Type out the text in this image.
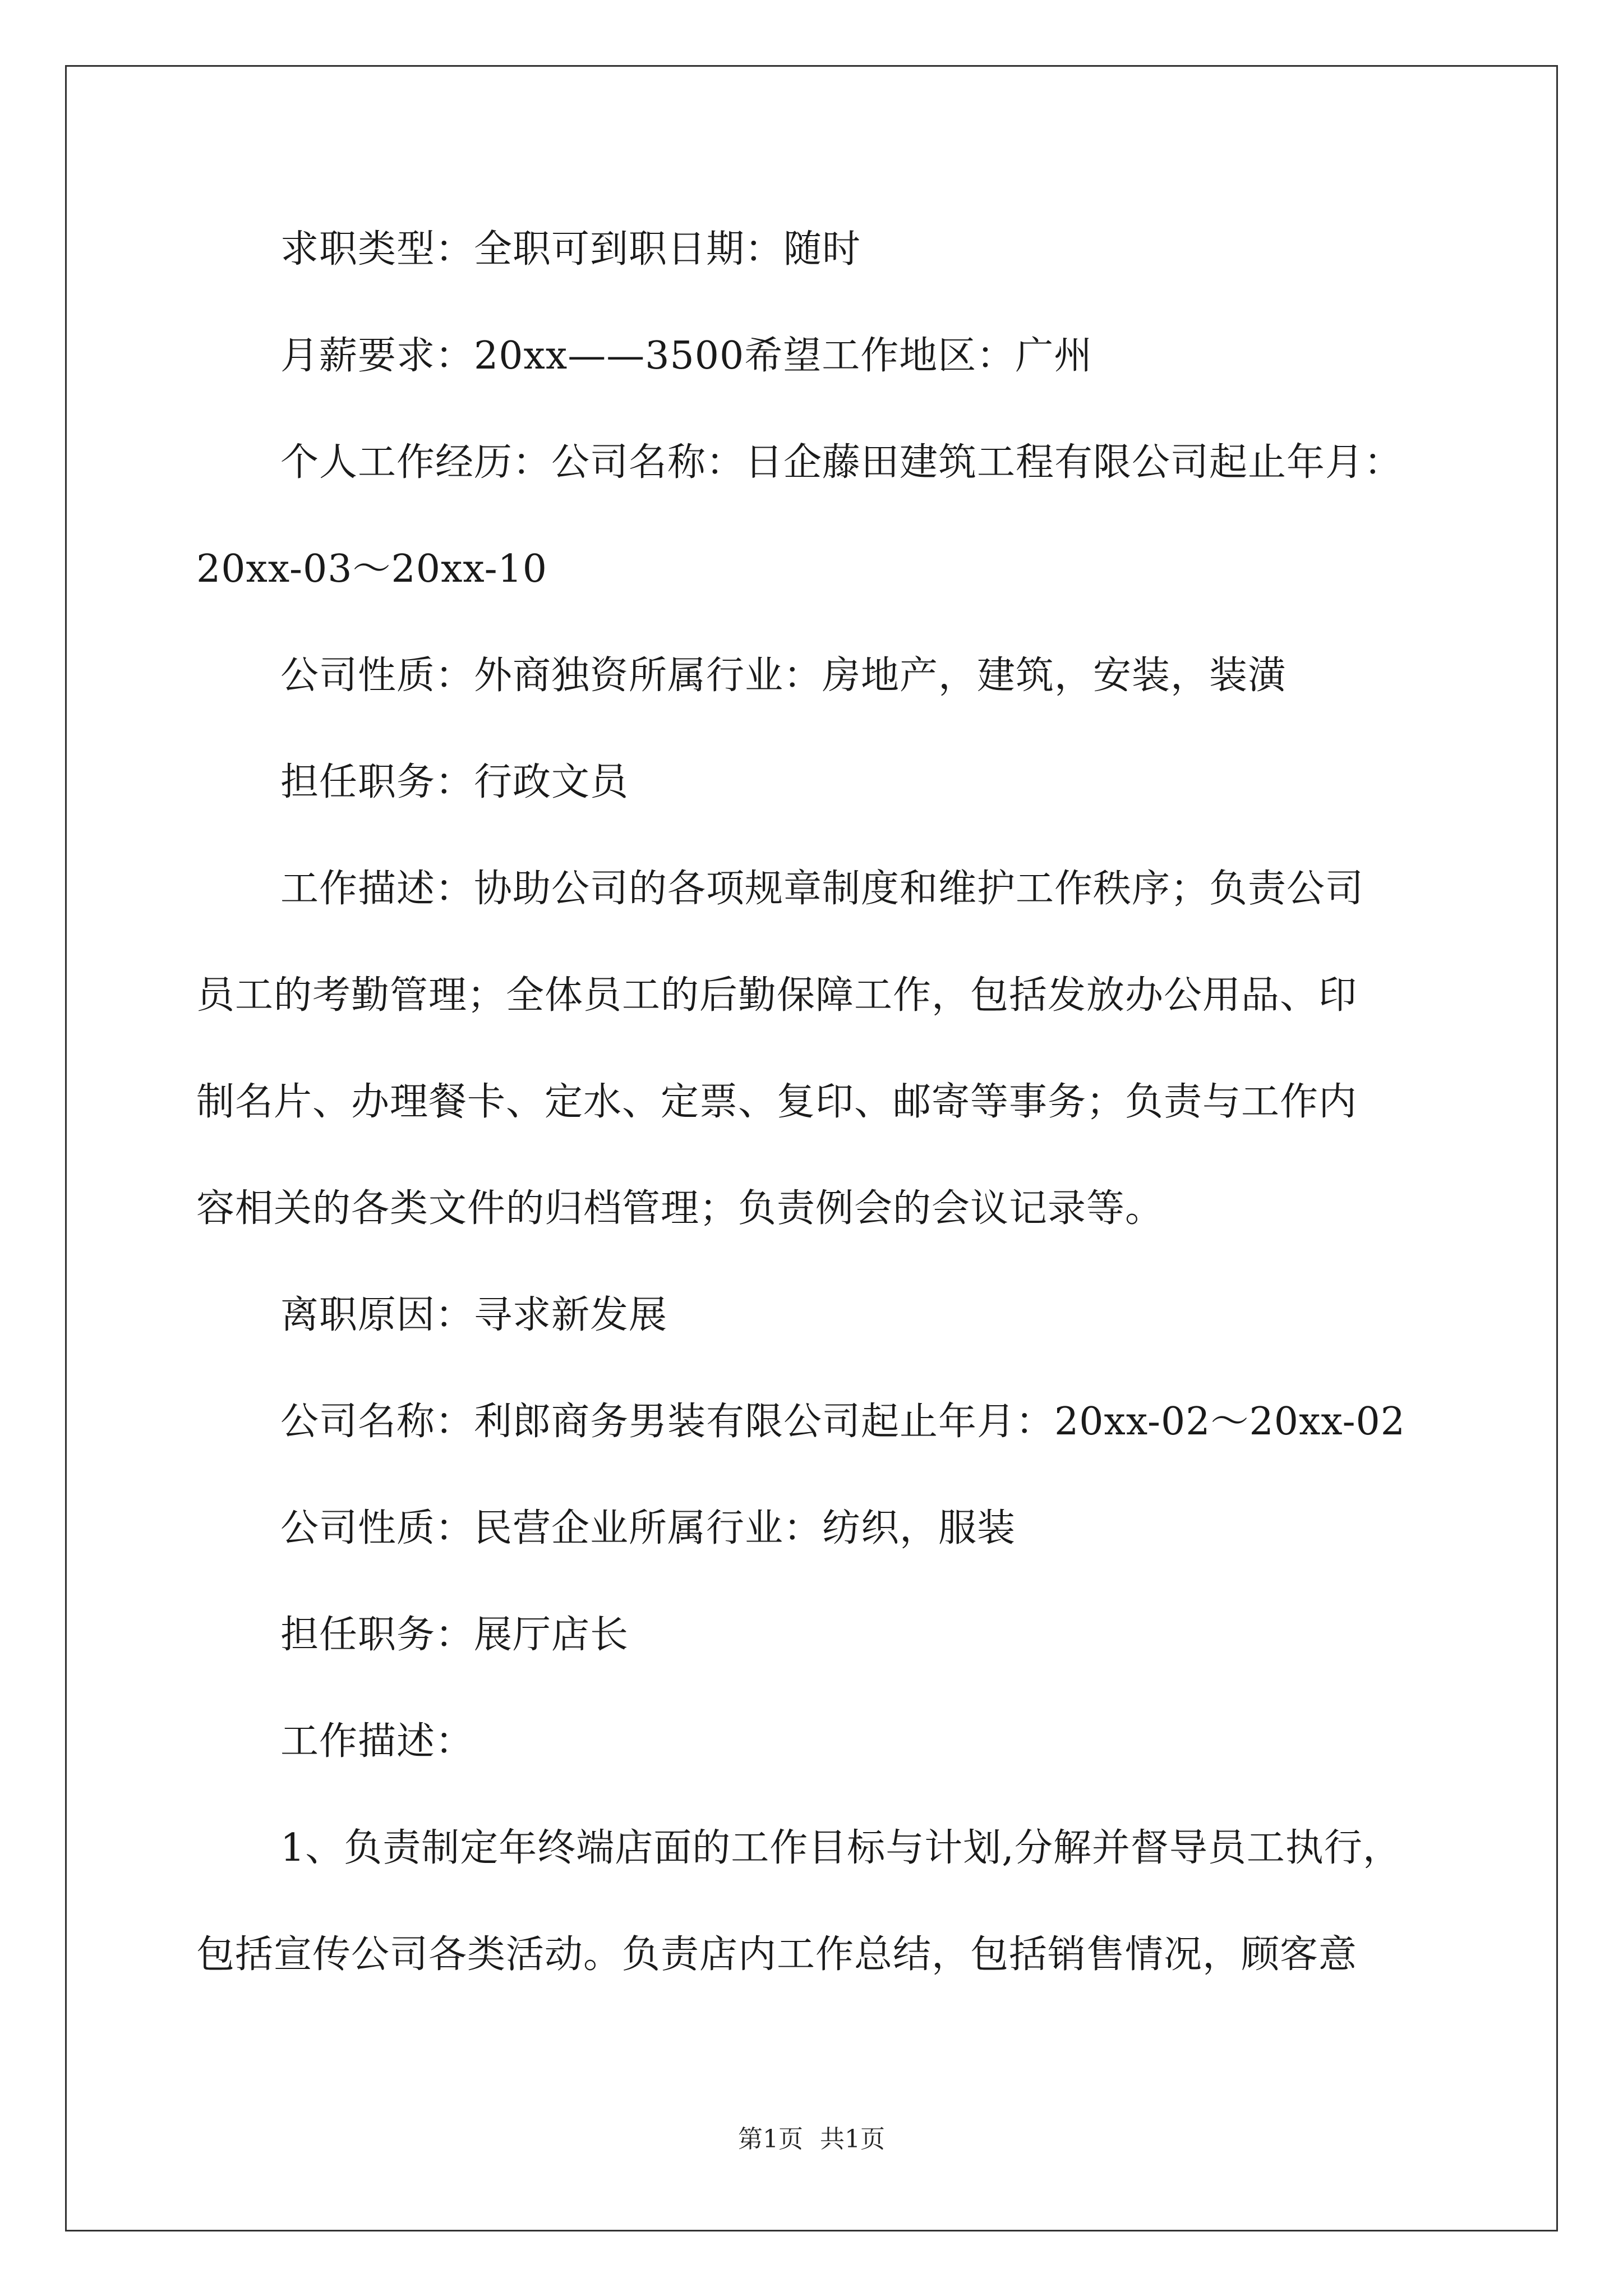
求职类型：全职可到职日期：随时
月薪要求：20xx——3500希望工作地区：广州
个人工作经历：公司名称：日企藤田建筑工程有限公司起止年月：
20xx-03～20xx-10
公司性质：外商独资所属行业：房地产，建筑，安装，装潢
担任职务：行政文员
工作描述：协助公司的各项规章制度和维护工作秩序；负责公司
员工的考勤管理；全体员工的后勤保障工作，包括发放办公用品、印
制名片、办理餐卡、定水、定票、复印、邮寄等事务；负责与工作内
容相关的各类文件的归档管理；负责例会的会议记录等。
离职原因：寻求新发展
公司名称：利郎商务男装有限公司起止年月：20xx-02～20xx-02
公司性质：民营企业所属行业：纺织，服装
担任职务：展厅店长
工作描述：
1、负责制定年终端店面的工作目标与计划,分解并督导员工执行，
包括宣传公司各类活动。负责店内工作总结，包括销售情况，顾客意
第1页 共1页
